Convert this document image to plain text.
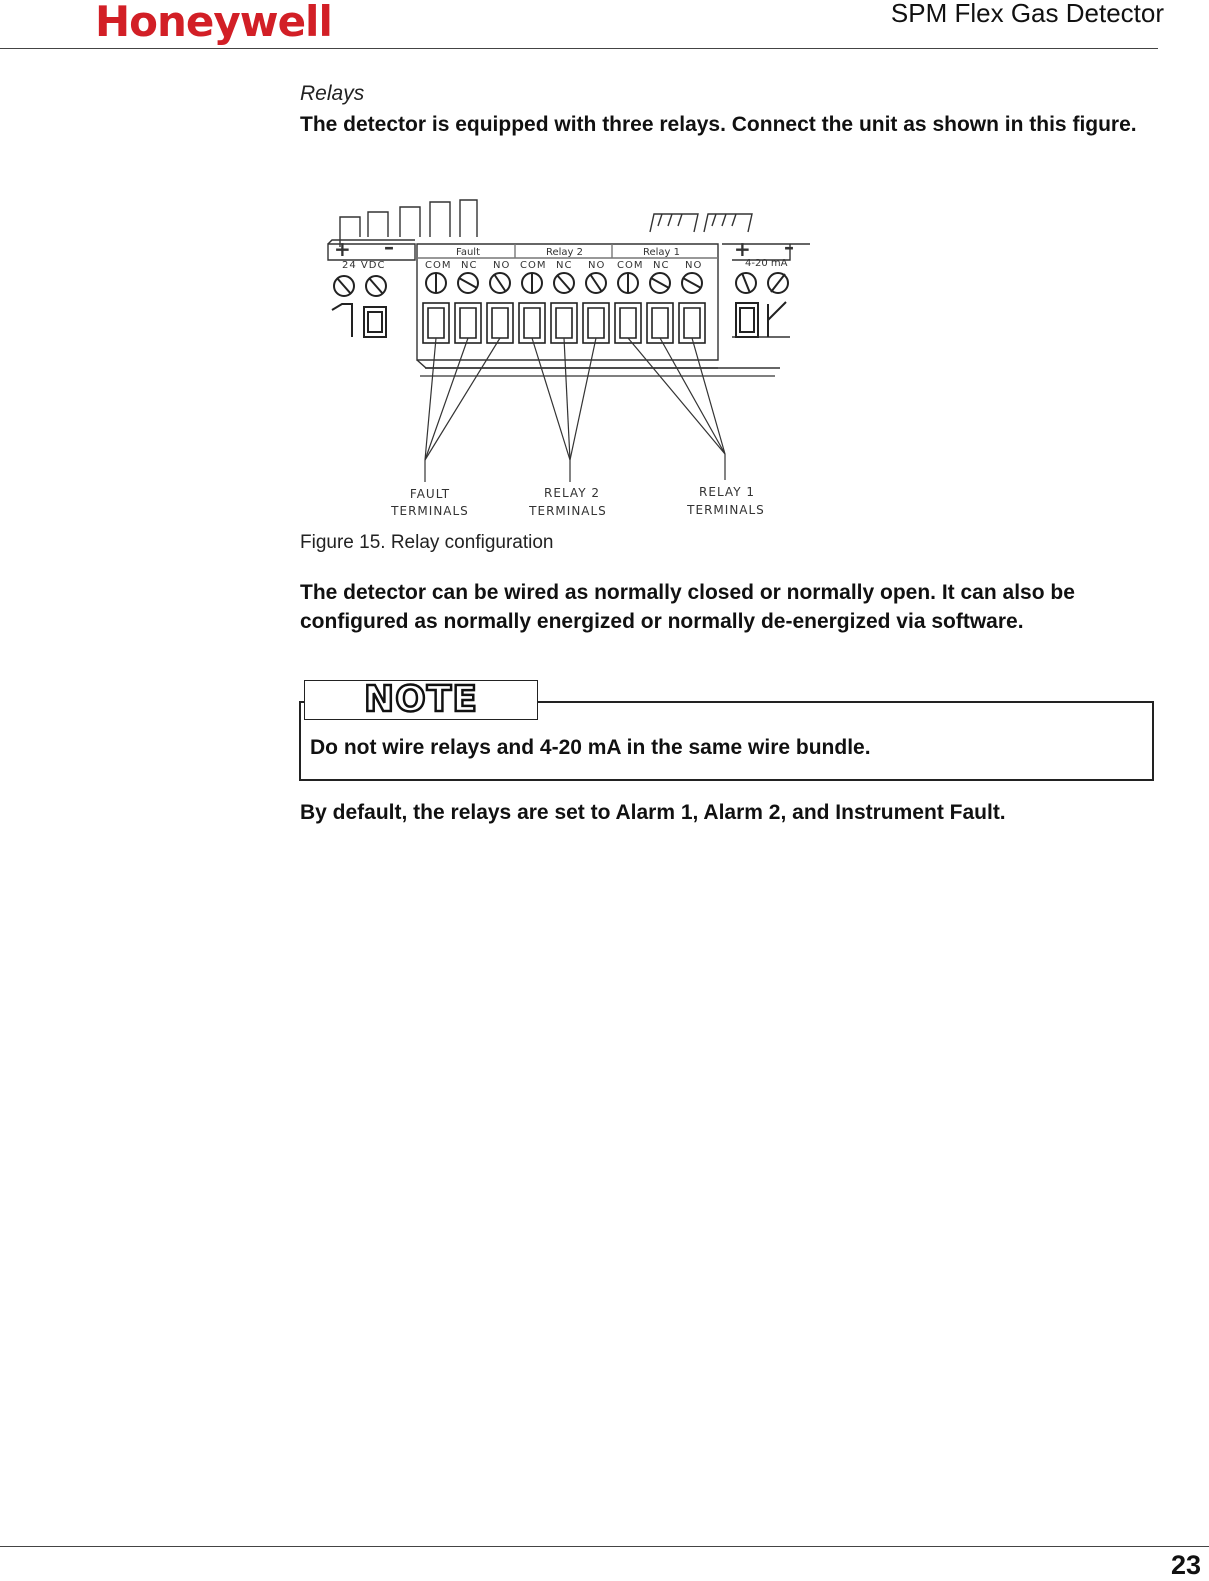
Honeywell	SPM Flex Gas Detector
Relays
The detector is equipped with three relays. Connect the unit as shown in this figure.
+ –
24 VDC
Fault	Relay 2	Relay 1
COM NC NO COM NC NO COM NC NO
+ –
4-20 mA
FAULT
TERMINALS
RELAY 2
TERMINALS
RELAY 1
TERMINALS
Figure 15. Relay configuration
The detector can be wired as normally closed or normally open. It can also be configured as normally energized or normally de-energized via software.
NOTE
Do not wire relays and 4-20 mA in the same wire bundle.
By default, the relays are set to Alarm 1, Alarm 2, and Instrument Fault.
23
